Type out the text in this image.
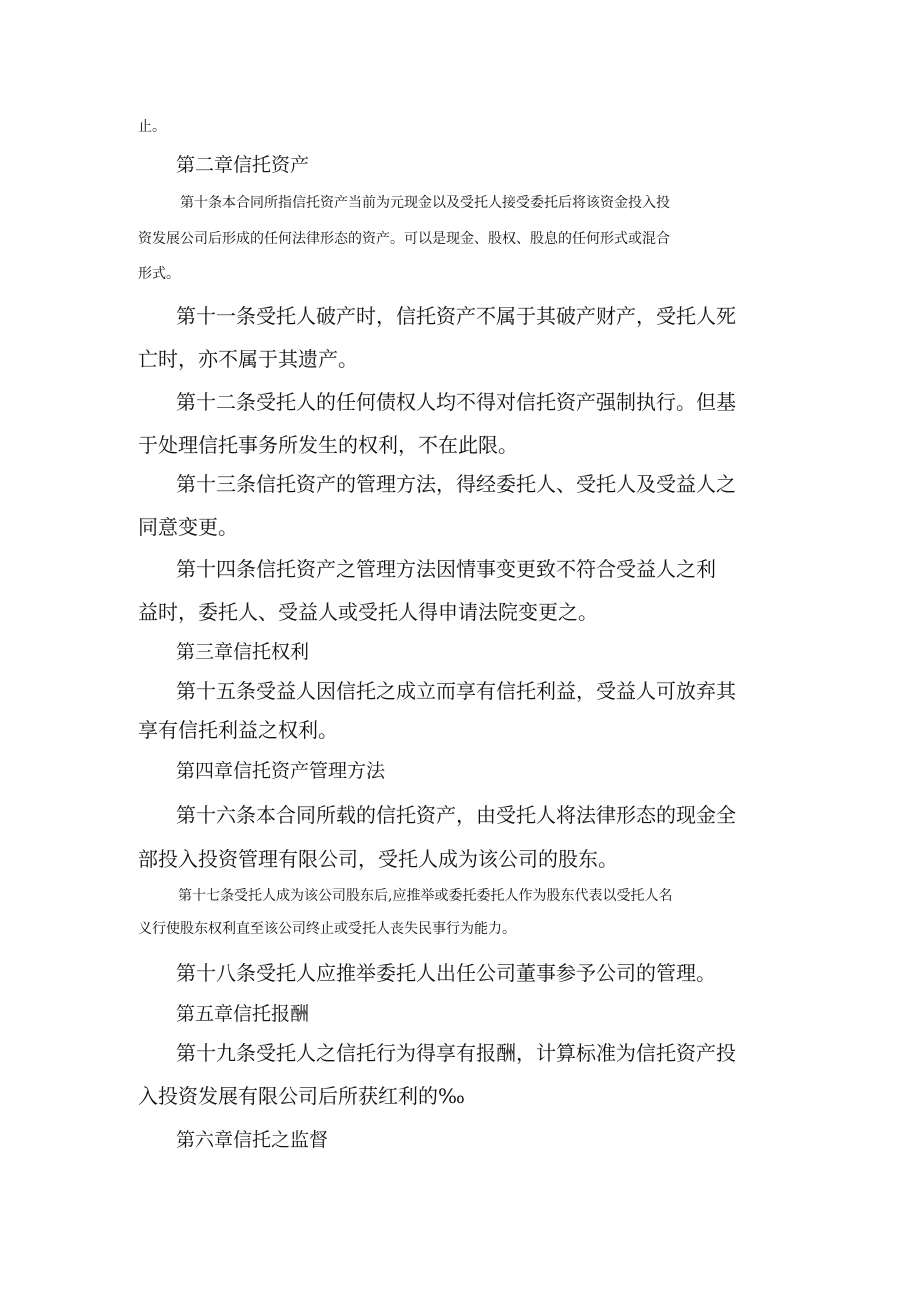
止。
第二章信托资产
第十条本合同所指信托资产当前为元现金以及受托人接受委托后将该资金投入投
资发展公司后形成的任何法律形态的资产。可以是现金、股权、股息的任何形式或混合
形式。
第十一条受托人破产时，信托资产不属于其破产财产，受托人死
亡时，亦不属于其遗产。
第十二条受托人的任何债权人均不得对信托资产强制执行。但基
于处理信托事务所发生的权利，不在此限。
第十三条信托资产的管理方法，得经委托人、受托人及受益人之
同意变更。
第十四条信托资产之管理方法因情事变更致不符合受益人之利
益时，委托人、受益人或受托人得申请法院变更之。
第三章信托权利
第十五条受益人因信托之成立而享有信托利益，受益人可放弃其
享有信托利益之权利。
第四章信托资产管理方法
第十六条本合同所载的信托资产，由受托人将法律形态的现金全
部投入投资管理有限公司，受托人成为该公司的股东。
第十七条受托人成为该公司股东后,应推举或委托委托人作为股东代表以受托人名
义行使股东权利直至该公司终止或受托人丧失民事行为能力。
第十八条受托人应推举委托人出任公司董事参予公司的管理。
第五章信托报酬
第十九条受托人之信托行为得享有报酬，计算标准为信托资产投
入投资发展有限公司后所获红利的‰
第六章信托之监督
